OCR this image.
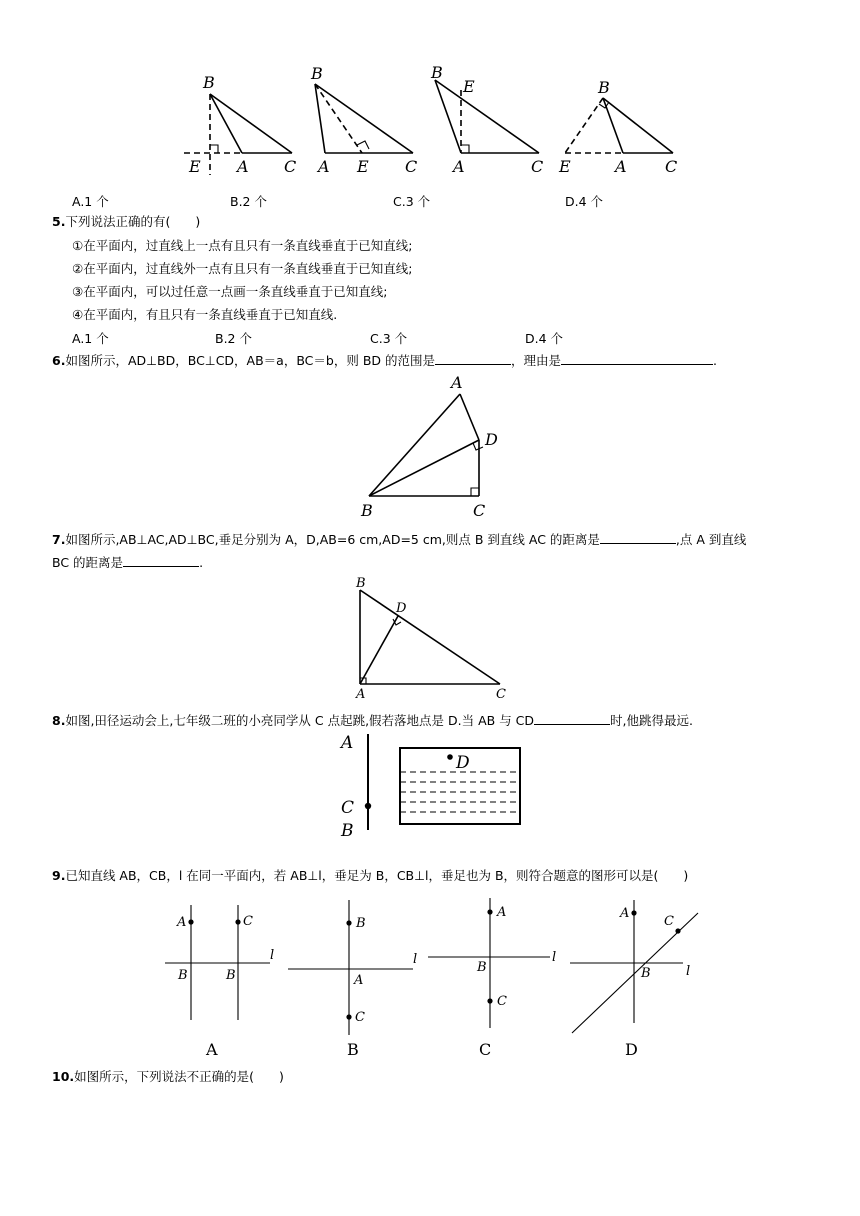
B
E A C
B
A E C
B
E
A	C
B
E	A C
A.1 个	B.2 个	C.3 个	D.4 个
5.下列说法正确的有(　　)
①在平面内，过直线上一点有且只有一条直线垂直于已知直线;
②在平面内，过直线外一点有且只有一条直线垂直于已知直线;
③在平面内，可以过任意一点画一条直线垂直于已知直线;
④在平面内，有且只有一条直线垂直于已知直线.
A.1 个	B.2 个	C.3 个	D.4 个
6.如图所示，AD⊥BD，BC⊥CD，AB＝a，BC＝b，则 BD 的范围是	，理由是	.
A
D
B	C
7.如图所示,AB⊥AC,AD⊥BC,垂足分别为 A，D,AB=6 cm,AD=5 cm,则点 B 到直线 AC 的距离是	,点 A 到直线
BC 的距离是	.
B
D
A	C
8.如图,田径运动会上,七年级二班的小亮同学从 C 点起跳,假若落地点是 D.当 AB 与 CD	时,他跳得最远.
A
C
B
D
9.已知直线 AB，CB，l 在同一平面内，若 AB⊥l，垂足为 B，CB⊥l，垂足也为 B，则符合题意的图形可以是(　　)
A	C
B	B
l
A
B
A
C
l
B
A
B
C
l
C
A
C
B	l
D
10.如图所示，下列说法不正确的是(　　)
